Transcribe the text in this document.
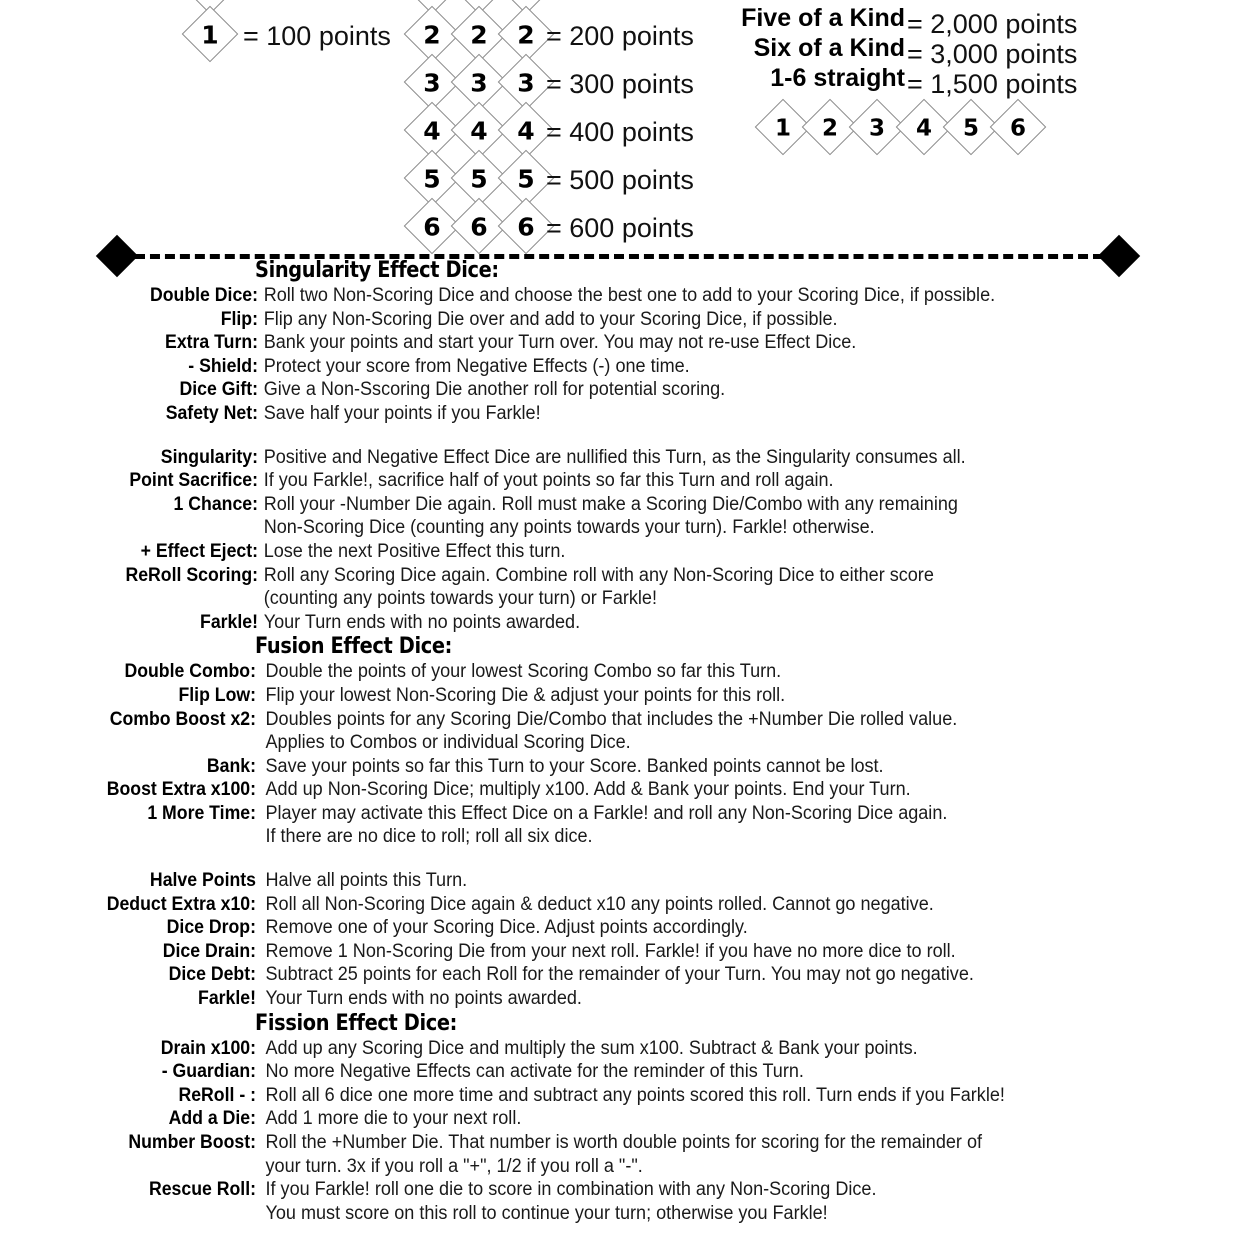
1 = 100 points	2	2	2 = 200 points
3	3	3 = 300 points
4	4	4 = 400 points
5	5	5 = 500 points
6	6	6 = 600 points
Five of a Kind = 2,000 points
Six of a Kind = 3,000 points
1-6 straight = 1,500 points
1	2	3	4	5	6
Singularity Effect Dice:
Double Dice: Roll two Non-Scoring Dice and choose the best one to add to your Scoring Dice, if possible.
Flip: Flip any Non-Scoring Die over and add to your Scoring Dice, if possible.
Extra Turn: Bank your points and start your Turn over. You may not re-use Effect Dice.
- Shield: Protect your score from Negative Effects (-) one time.
Dice Gift: Give a Non-Sscoring Die another roll for potential scoring.
Safety Net: Save half your points if you Farkle!
Singularity: Positive and Negative Effect Dice are nullified this Turn, as the Singularity consumes all.
Point Sacrifice: If you Farkle!, sacrifice half of yout points so far this Turn and roll again.
1 Chance: Roll your -Number Die again. Roll must make a Scoring Die/Combo with any remaining
Non-Scoring Dice (counting any points towards your turn). Farkle! otherwise.
+ Effect Eject: Lose the next Positive Effect this turn.
ReRoll Scoring: Roll any Scoring Dice again. Combine roll with any Non-Scoring Dice to either score
(counting any points towards your turn) or Farkle!
Farkle! Your Turn ends with no points awarded.
Fusion Effect Dice:
Double Combo: Double the points of your lowest Scoring Combo so far this Turn.
Flip Low: Flip your lowest Non-Scoring Die & adjust your points for this roll.
Combo Boost x2: Doubles points for any Scoring Die/Combo that includes the +Number Die rolled value.
Applies to Combos or individual Scoring Dice.
Bank: Save your points so far this Turn to your Score. Banked points cannot be lost.
Boost Extra x100: Add up Non-Scoring Dice; multiply x100. Add & Bank your points. End your Turn.
1 More Time: Player may activate this Effect Dice on a Farkle! and roll any Non-Scoring Dice again.
If there are no dice to roll; roll all six dice.
Halve Points Halve all points this Turn.
Deduct Extra x10: Roll all Non-Scoring Dice again & deduct x10 any points rolled. Cannot go negative.
Dice Drop: Remove one of your Scoring Dice. Adjust points accordingly.
Dice Drain: Remove 1 Non-Scoring Die from your next roll. Farkle! if you have no more dice to roll.
Dice Debt: Subtract 25 points for each Roll for the remainder of your Turn. You may not go negative.
Farkle! Your Turn ends with no points awarded.
Fission Effect Dice:
Drain x100: Add up any Scoring Dice and multiply the sum x100. Subtract & Bank your points.
- Guardian: No more Negative Effects can activate for the reminder of this Turn.
ReRoll - : Roll all 6 dice one more time and subtract any points scored this roll. Turn ends if you Farkle!
Add a Die: Add 1 more die to your next roll.
Number Boost: Roll the +Number Die. That number is worth double points for scoring for the remainder of
your turn. 3x if you roll a "+", 1/2 if you roll a "-".
Rescue Roll: If you Farkle! roll one die to score in combination with any Non-Scoring Dice.
You must score on this roll to continue your turn; otherwise you Farkle!
